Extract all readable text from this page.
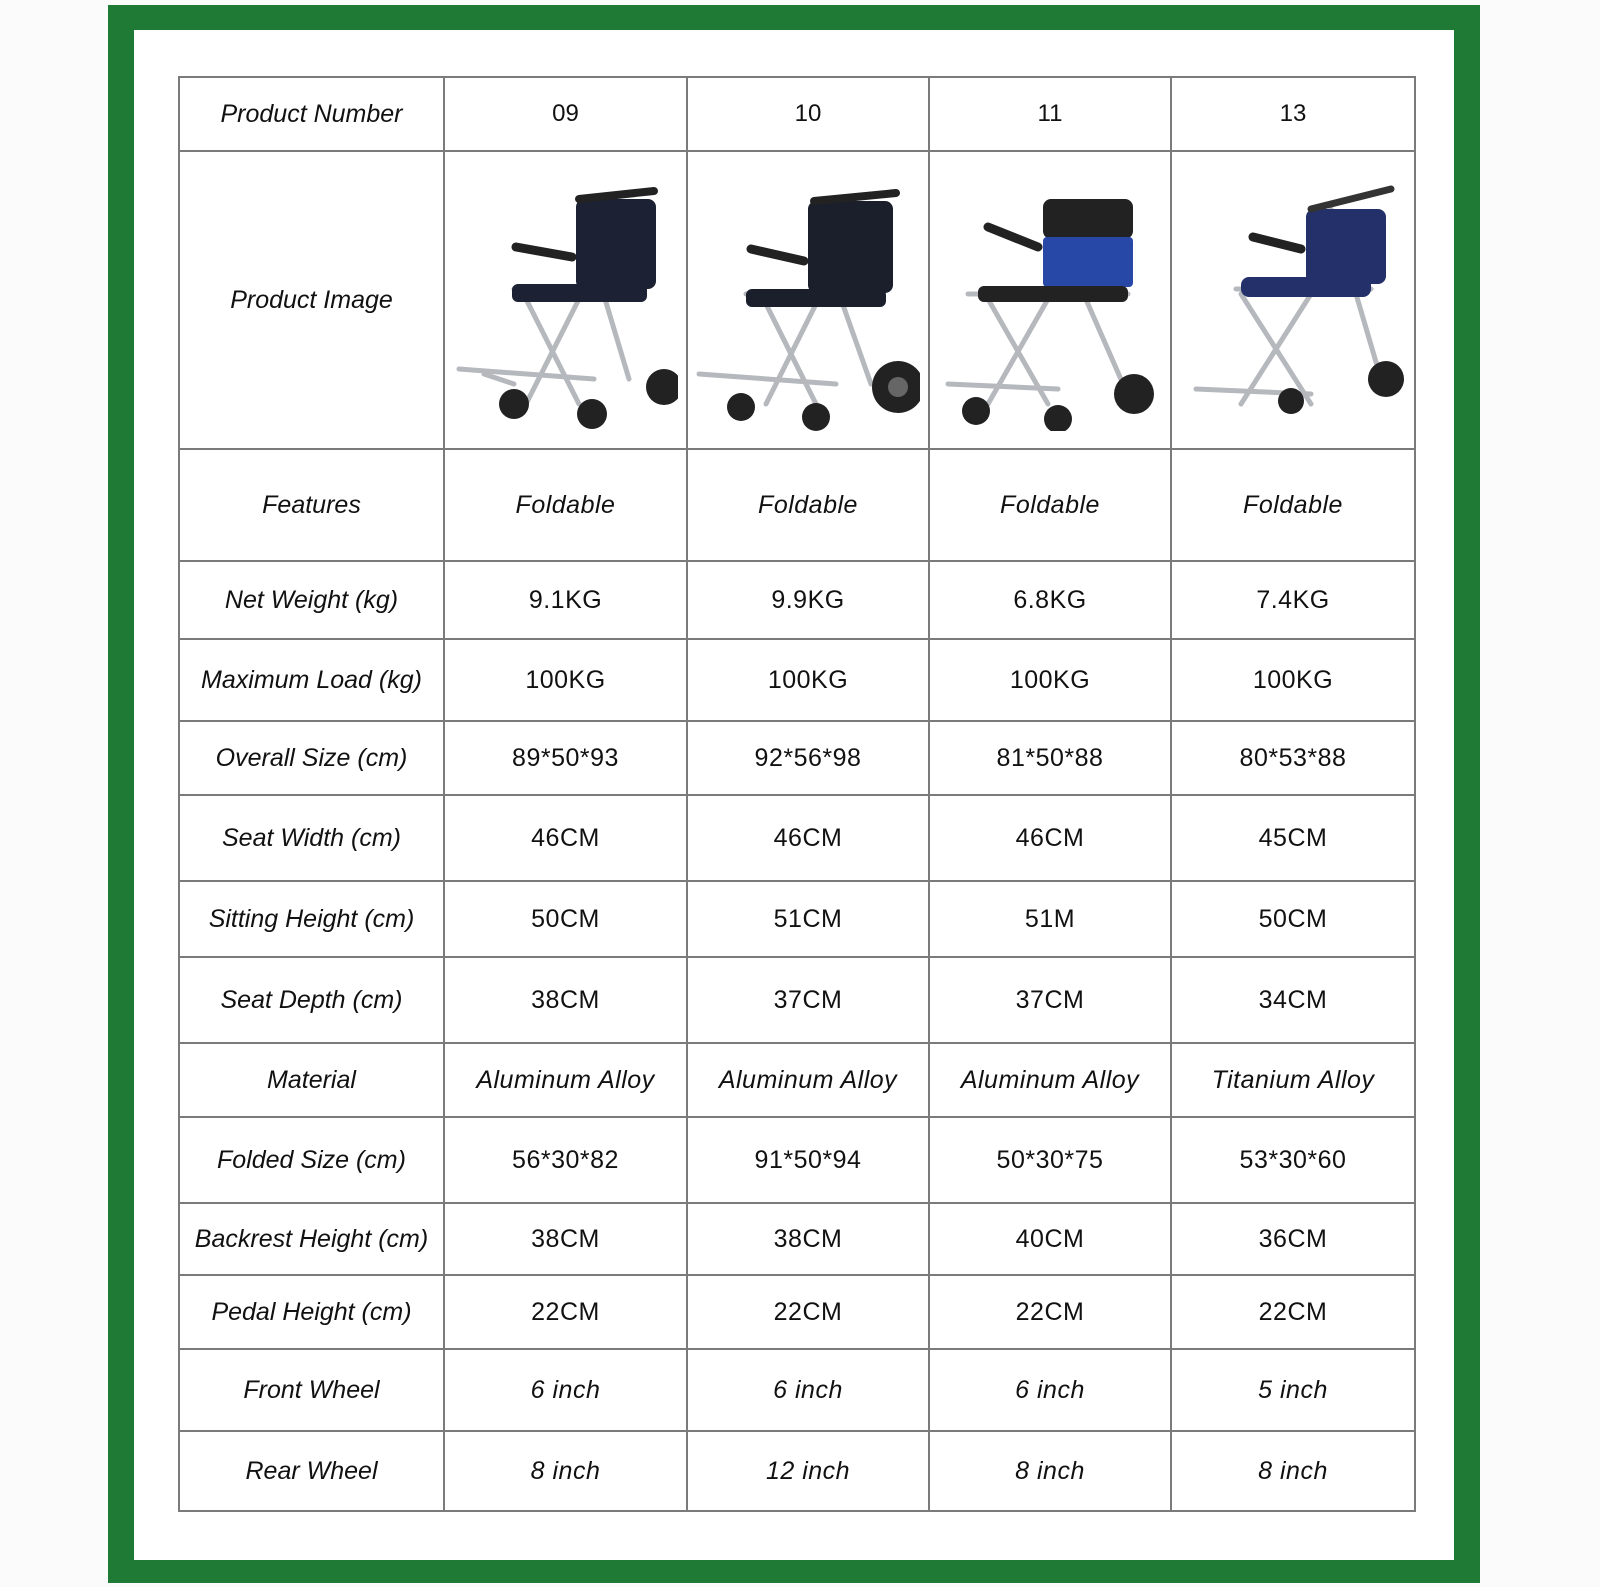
Product Number	09	10	11	13
Product Image	

Features	Foldable	Foldable	Foldable	Foldable
Net Weight (kg)	9.1KG	9.9KG	6.8KG	7.4KG
Maximum Load (kg)	100KG	100KG	100KG	100KG
Overall Size (cm)	89*50*93	92*56*98	81*50*88	80*53*88
Seat Width (cm)	46CM	46CM	46CM	45CM
Sitting Height (cm)	50CM	51CM	51M	50CM
Seat Depth (cm)	38CM	37CM	37CM	34CM
Material	Aluminum Alloy	Aluminum Alloy	Aluminum Alloy	Titanium Alloy
Folded Size (cm)	56*30*82	91*50*94	50*30*75	53*30*60
Backrest Height (cm)	38CM	38CM	40CM	36CM
Pedal Height (cm)	22CM	22CM	22CM	22CM
Front Wheel	6 inch	6 inch	6 inch	5 inch
Rear Wheel	8 inch	12 inch	8 inch	8 inch
